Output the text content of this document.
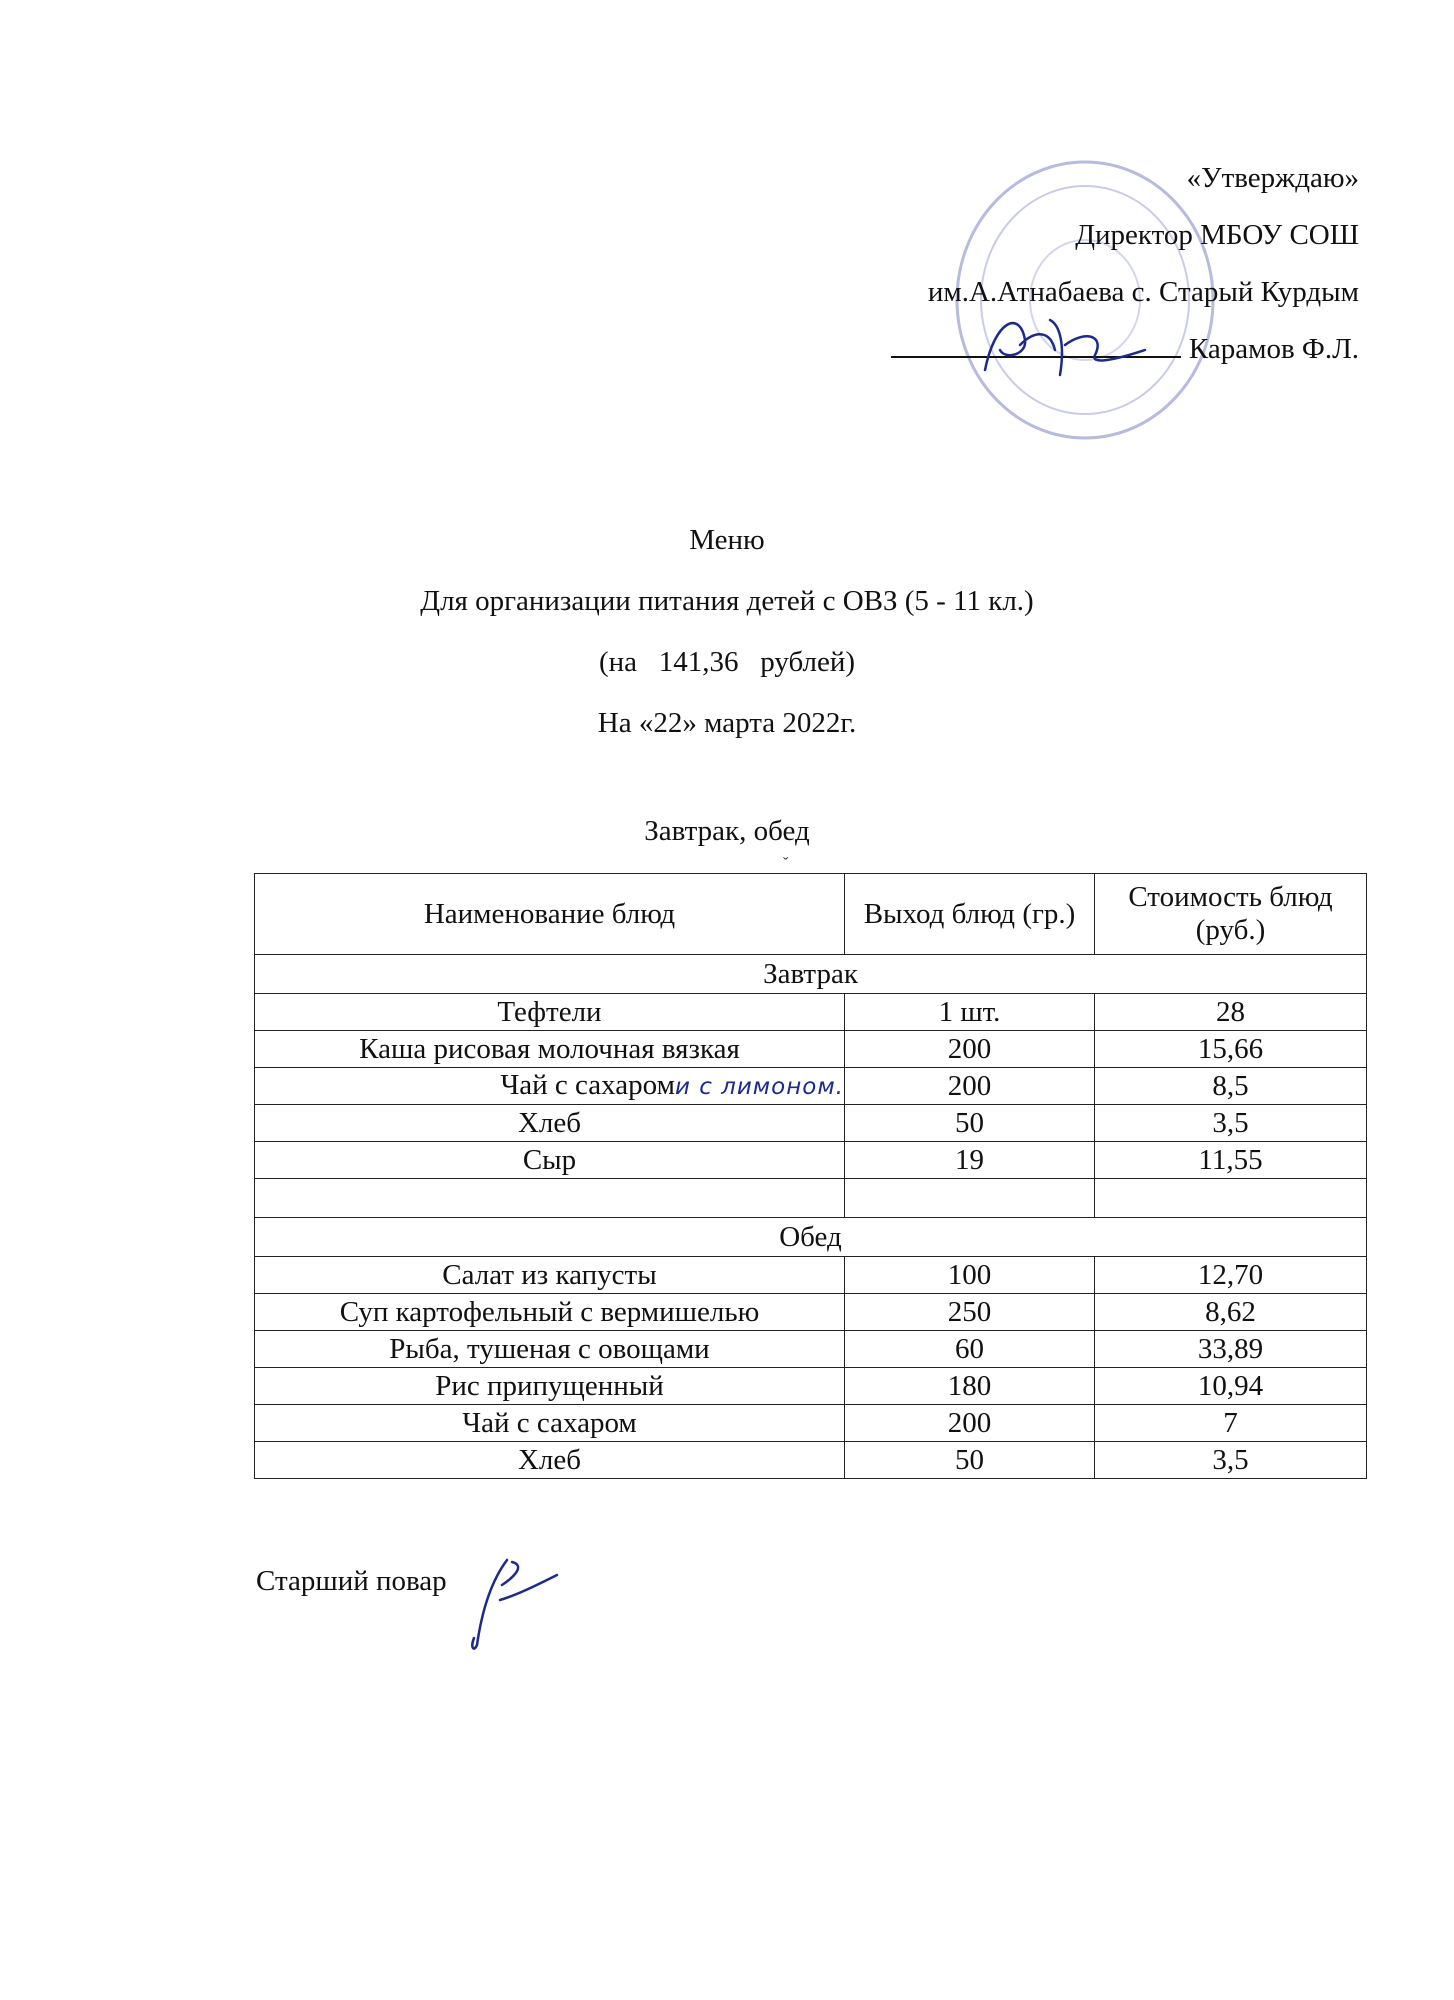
«Утверждаю»
Директор МБОУ СОШ
им.А.Атнабаева с. Старый Курдым
Карамов Ф.Л.
Меню
Для организации питания детей с ОВЗ (5 - 11 кл.)
(на   141,36   рублей)
На «22» марта 2022г.
Завтрак, обед
ˇ
Наименование блюд	Выход блюд (гр.)	Стоимость блюд (руб.)
Завтрак		
Тефтели	1 шт.	28
Каша рисовая молочная вязкая	200	15,66
Чай с сахароми с лимоном.	200	8,5
Хлеб	50	3,5
Сыр	19	11,55

Обед		
Салат из капусты	100	12,70
Суп картофельный с вермишелью	250	8,62
Рыба, тушеная с овощами	60	33,89
Рис припущенный	180	10,94
Чай с сахаром	200	7
Хлеб	50	3,5
Старший повар
